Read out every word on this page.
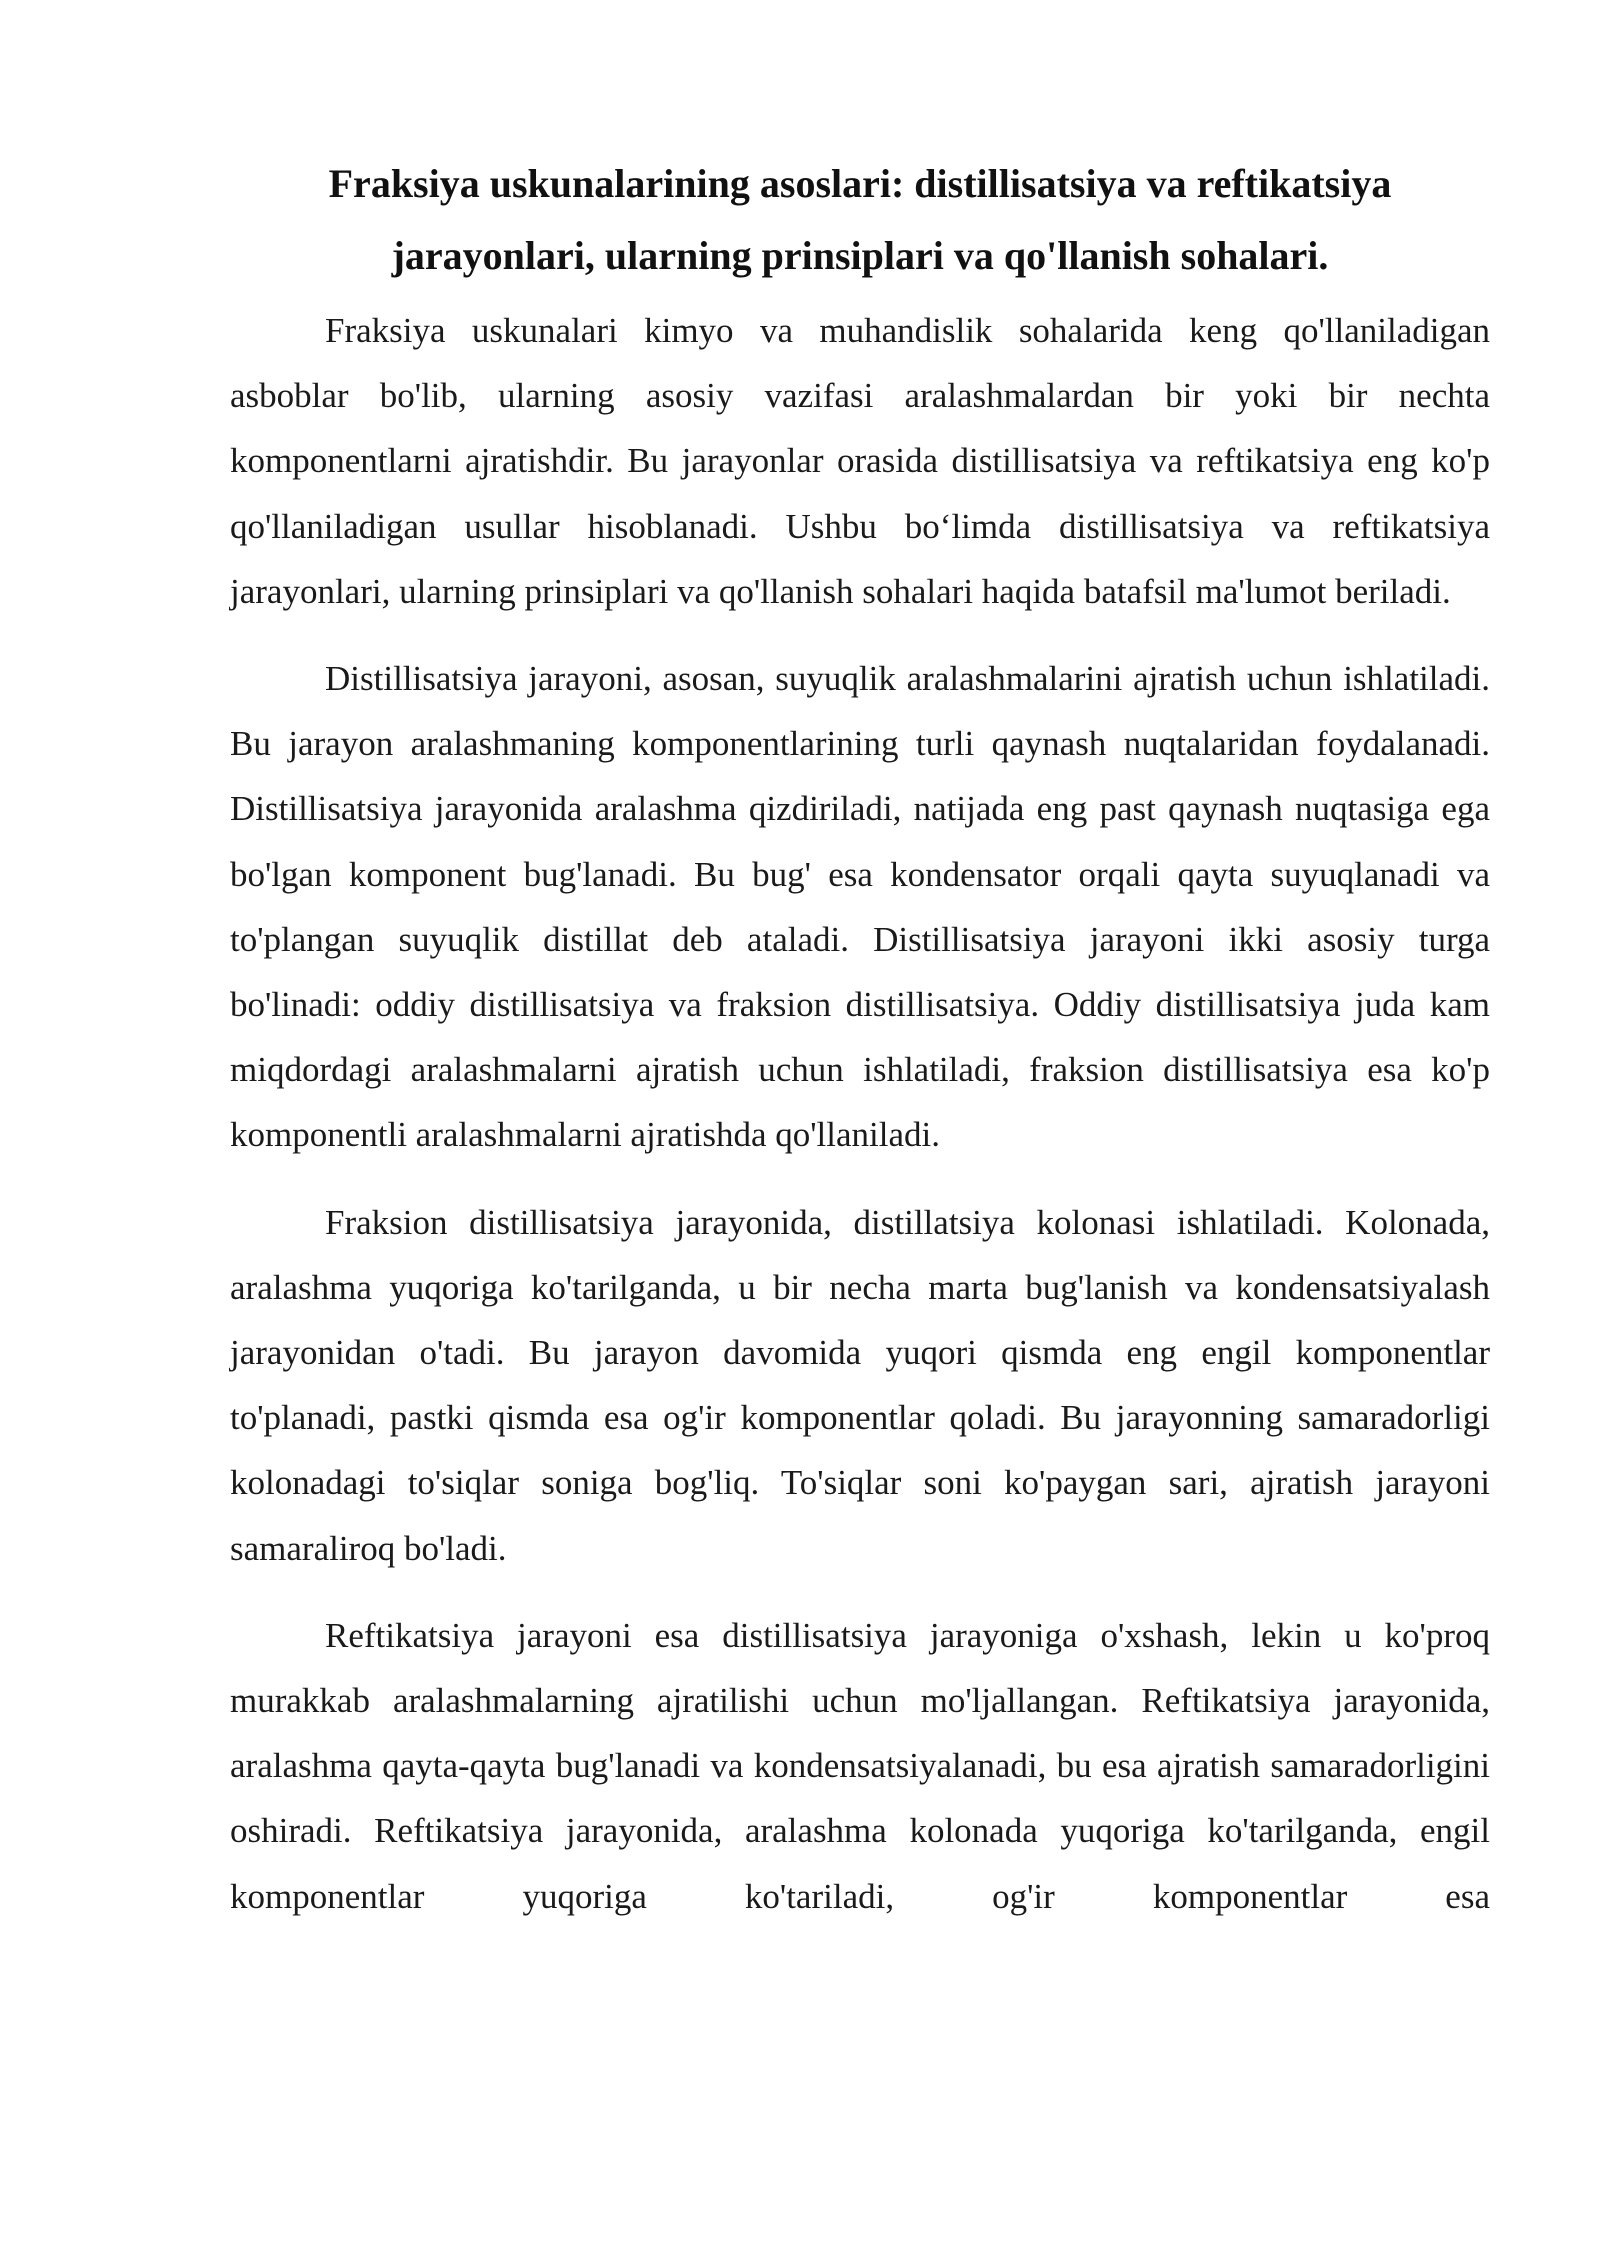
Fraksiya uskunalarining asoslari: distillisatsiya va reftikatsiya jarayonlari, ularning prinsiplari va qo'llanish sohalari.

Fraksiya uskunalari kimyo va muhandislik sohalarida keng qo'llaniladigan asboblar bo'lib, ularning asosiy vazifasi aralashmalardan bir yoki bir nechta komponentlarni ajratishdir. Bu jarayonlar orasida distillisatsiya va reftikatsiya eng ko'p qo'llaniladigan usullar hisoblanadi. Ushbu bo‘limda distillisatsiya va reftikatsiya jarayonlari, ularning prinsiplari va qo'llanish sohalari haqida batafsil ma'lumot beriladi.

Distillisatsiya jarayoni, asosan, suyuqlik aralashmalarini ajratish uchun ishlatiladi. Bu jarayon aralashmaning komponentlarining turli qaynash nuqtalaridan foydalanadi. Distillisatsiya jarayonida aralashma qizdiriladi, natijada eng past qaynash nuqtasiga ega bo'lgan komponent bug'lanadi. Bu bug' esa kondensator orqali qayta suyuqlanadi va to'plangan suyuqlik distillat deb ataladi. Distillisatsiya jarayoni ikki asosiy turga bo'linadi: oddiy distillisatsiya va fraksion distillisatsiya. Oddiy distillisatsiya juda kam miqdordagi aralashmalarni ajratish uchun ishlatiladi, fraksion distillisatsiya esa ko'p komponentli aralashmalarni ajratishda qo'llaniladi.

Fraksion distillisatsiya jarayonida, distillatsiya kolonasi ishlatiladi. Kolonada, aralashma yuqoriga ko'tarilganda, u bir necha marta bug'lanish va kondensatsiyalash jarayonidan o'tadi. Bu jarayon davomida yuqori qismda eng engil komponentlar to'planadi, pastki qismda esa og'ir komponentlar qoladi. Bu jarayonning samaradorligi kolonadagi to'siqlar soniga bog'liq. To'siqlar soni ko'paygan sari, ajratish jarayoni samaraliroq bo'ladi.

Reftikatsiya jarayoni esa distillisatsiya jarayoniga o'xshash, lekin u ko'proq murakkab aralashmalarning ajratilishi uchun mo'ljallangan. Reftikatsiya jarayonida, aralashma qayta-qayta bug'lanadi va kondensatsiyalanadi, bu esa ajratish samaradorligini oshiradi. Reftikatsiya jarayonida, aralashma kolonada yuqoriga ko'tarilganda, engil komponentlar yuqoriga ko'tariladi, og'ir komponentlar esa
